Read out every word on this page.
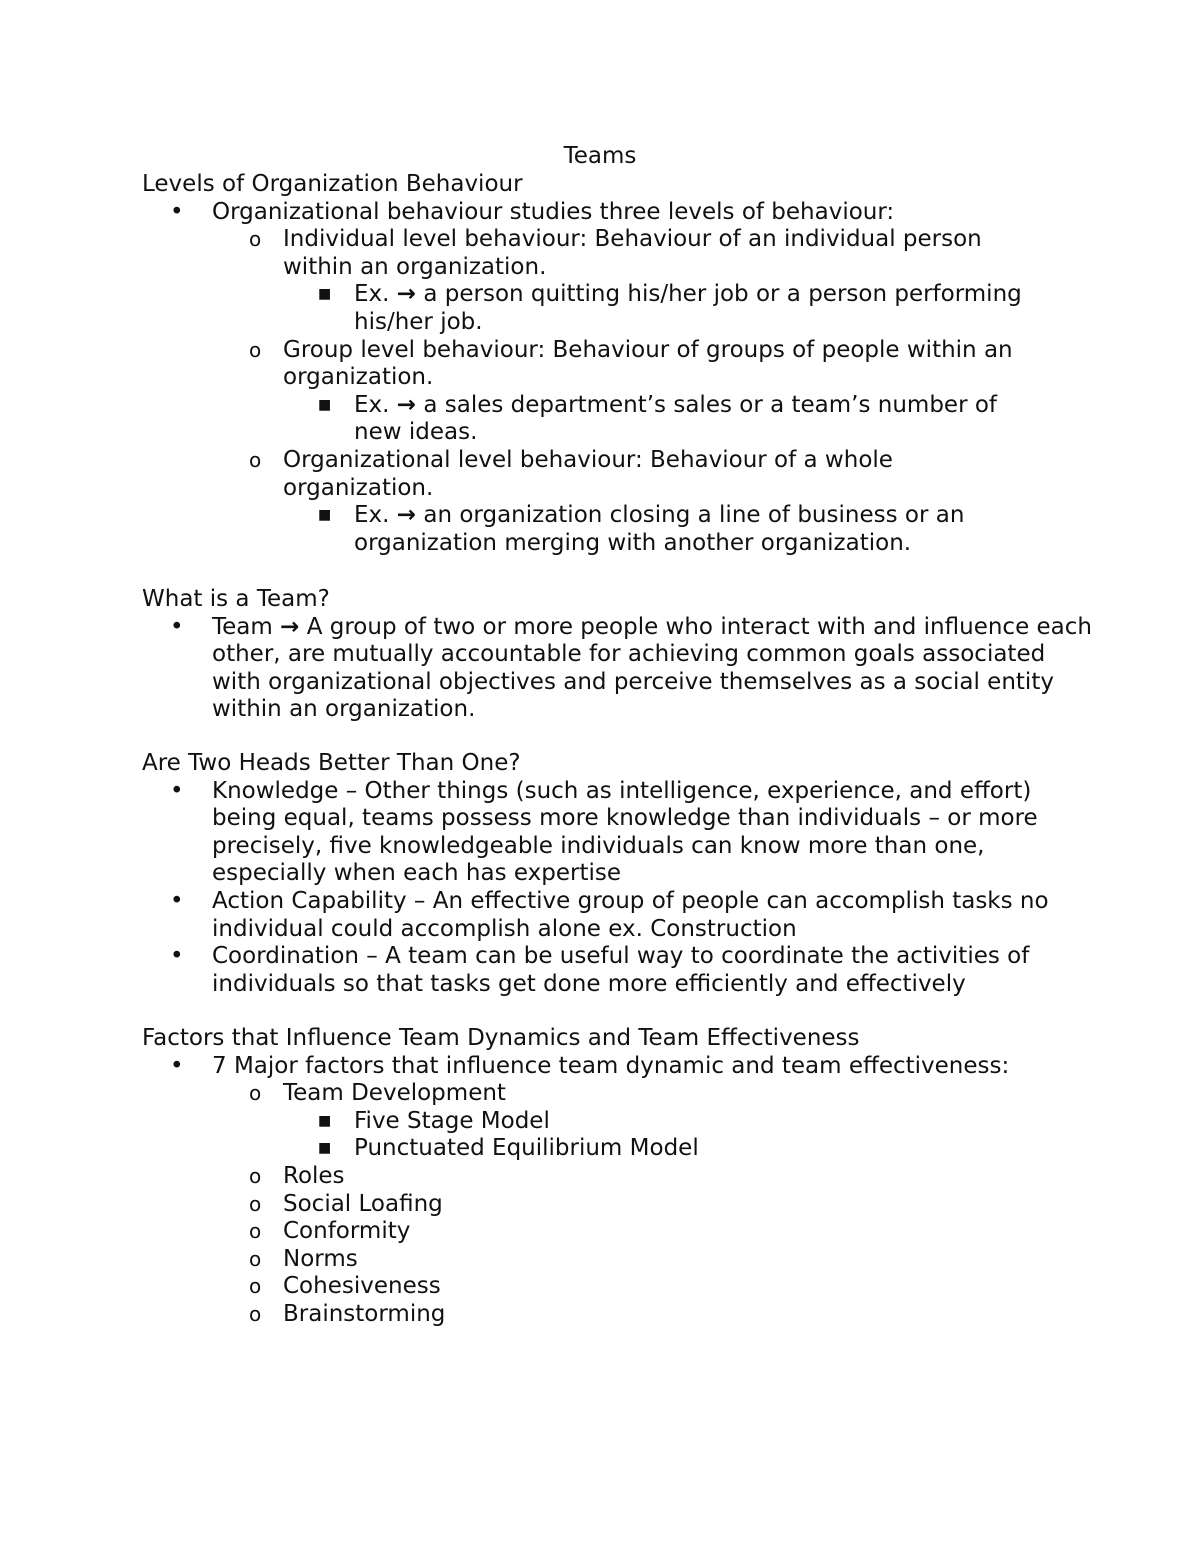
Teams
Levels of Organization Behaviour
• Organizational behaviour studies three levels of behaviour:
o Individual level behaviour: Behaviour of an individual person within an organization.
■ Ex. → a person quitting his/her job or a person performing his/her job.
o Group level behaviour: Behaviour of groups of people within an organization.
■ Ex. → a sales department’s sales or a team’s number of new ideas.
o Organizational level behaviour: Behaviour of a whole organization.
■ Ex. → an organization closing a line of business or an organization merging with another organization.
What is a Team?
• Team → A group of two or more people who interact with and influence each other, are mutually accountable for achieving common goals associated with organizational objectives and perceive themselves as a social entity within an organization.
Are Two Heads Better Than One?
• Knowledge – Other things (such as intelligence, experience, and effort) being equal, teams possess more knowledge than individuals – or more precisely, five knowledgeable individuals can know more than one, especially when each has expertise
• Action Capability – An effective group of people can accomplish tasks no individual could accomplish alone ex. Construction
• Coordination – A team can be useful way to coordinate the activities of individuals so that tasks get done more efficiently and effectively
Factors that Influence Team Dynamics and Team Effectiveness
• 7 Major factors that influence team dynamic and team effectiveness:
o Team Development
■ Five Stage Model
■ Punctuated Equilibrium Model
o Roles
o Social Loafing
o Conformity
o Norms
o Cohesiveness
o Brainstorming
